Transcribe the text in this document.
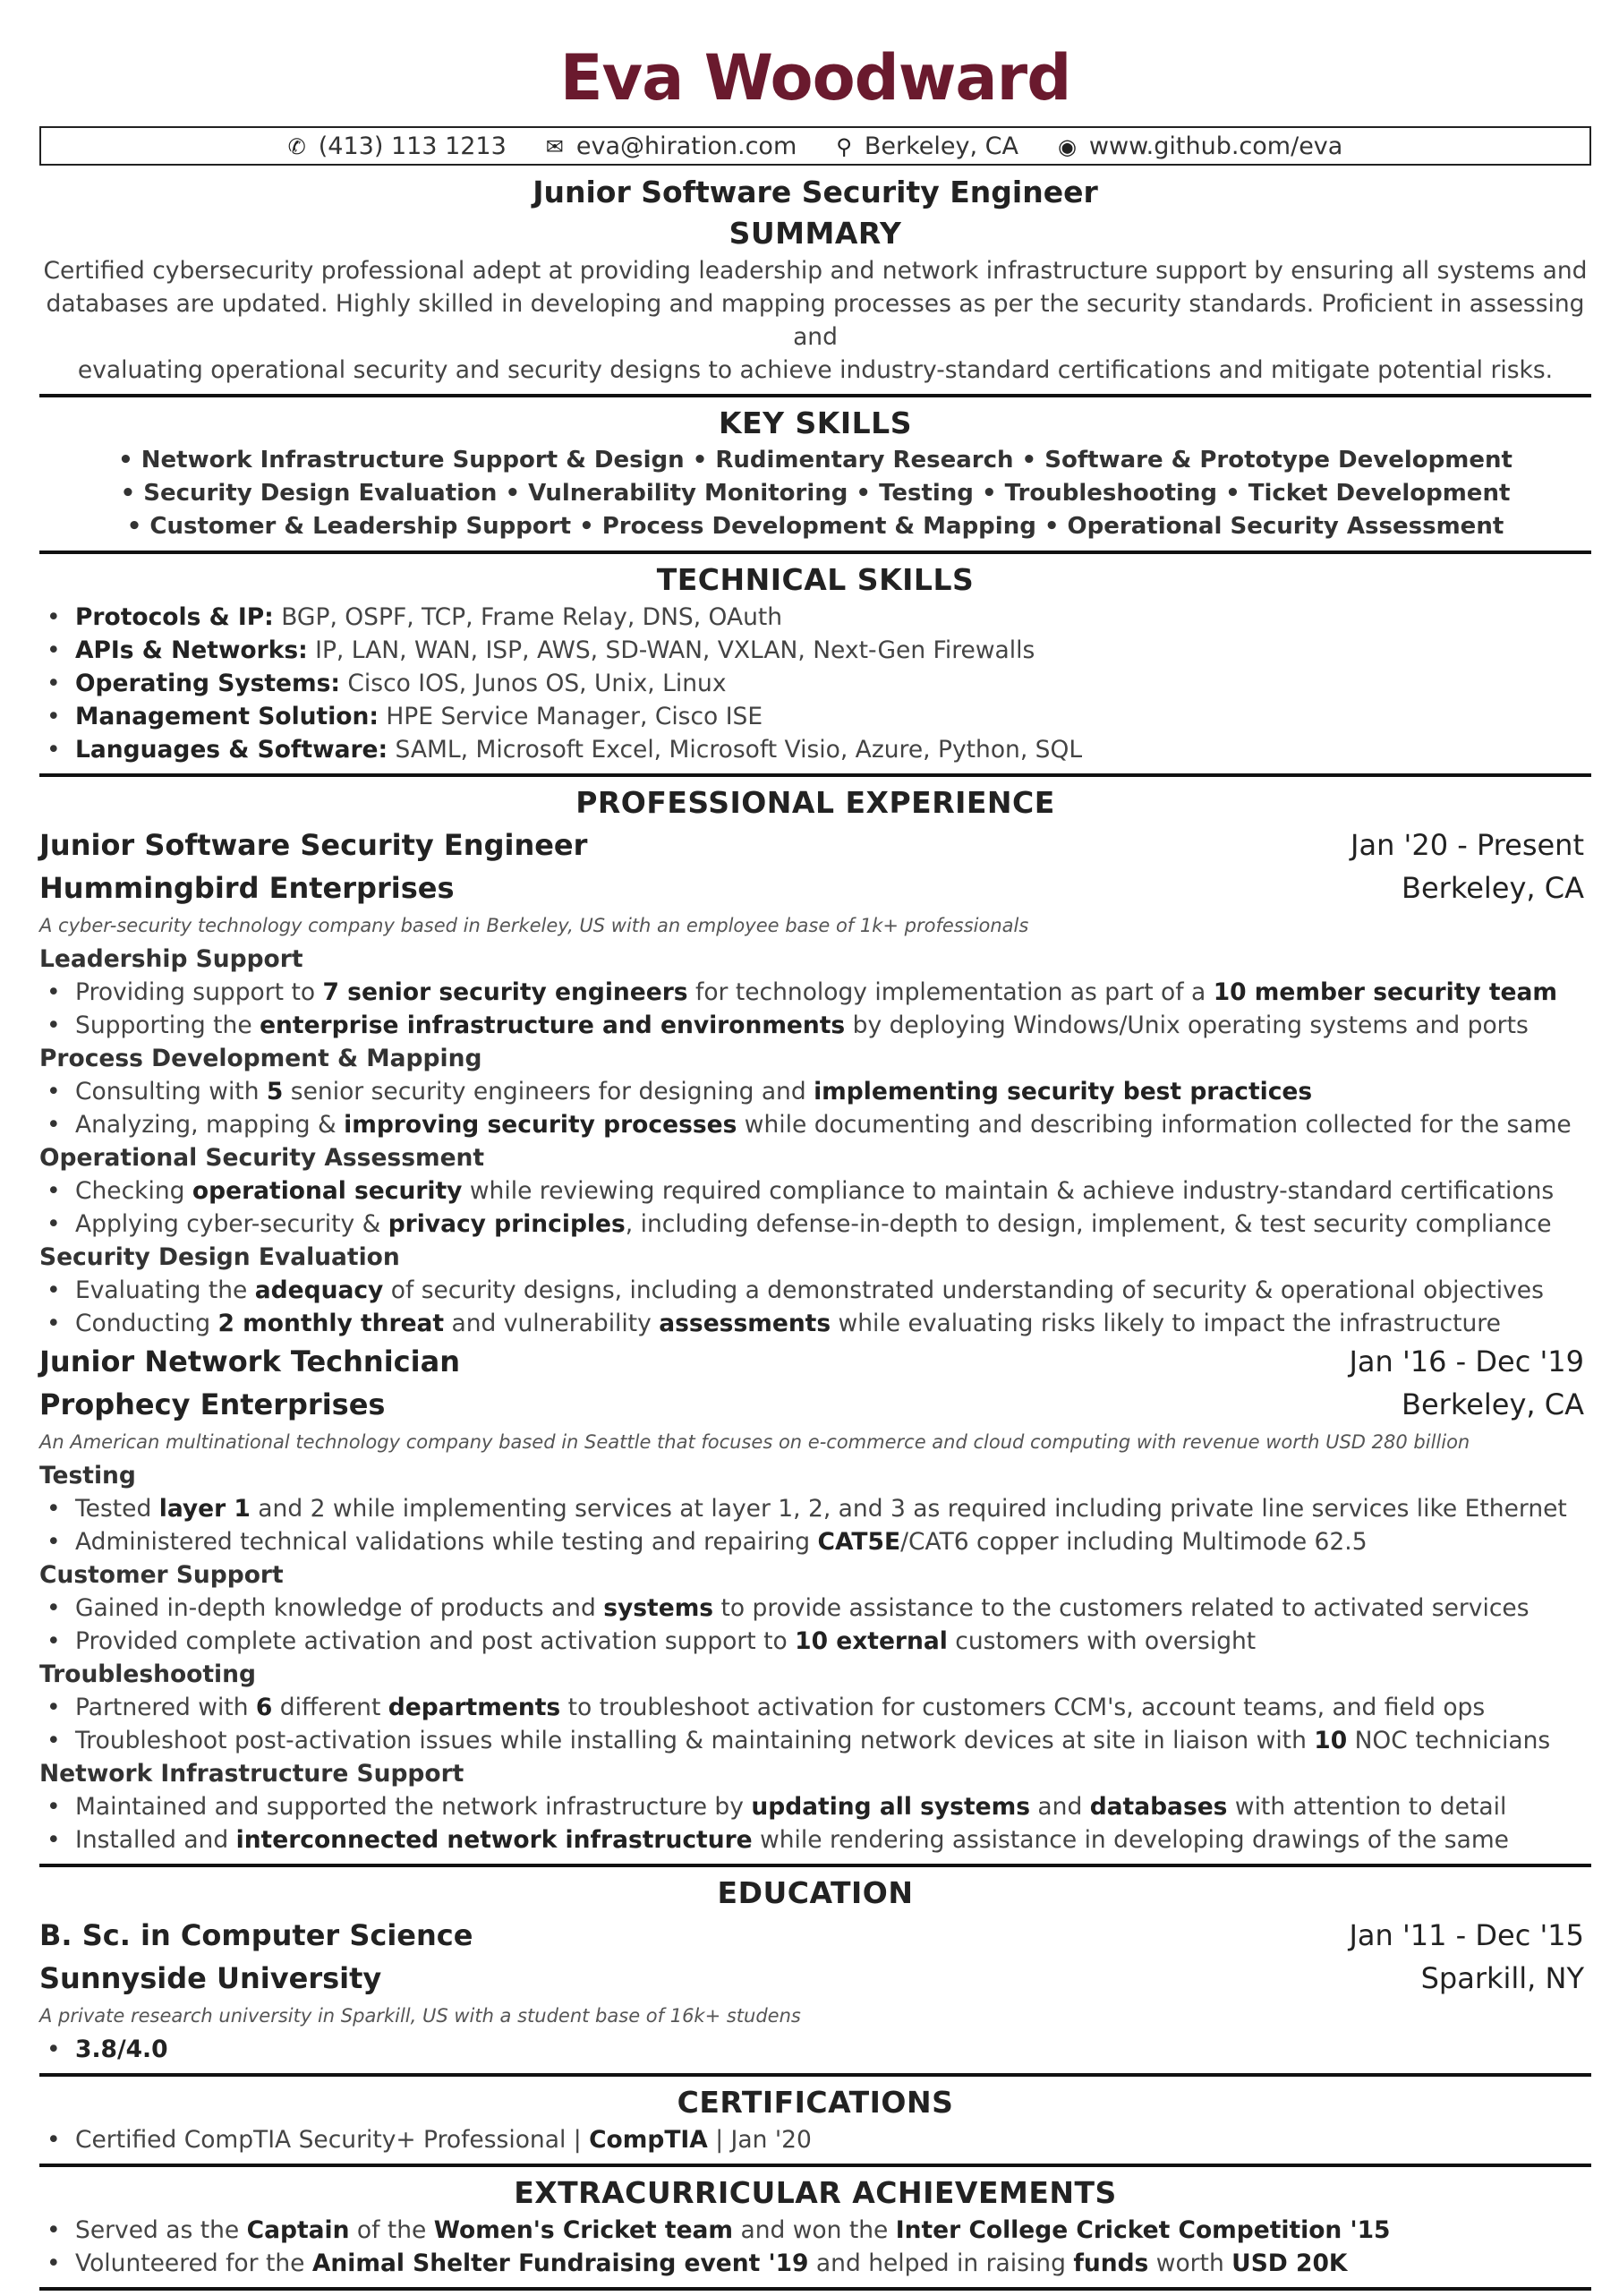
Eva Woodward
✆ (413) 113 1213 ✉ eva@hiration.com ⚲ Berkeley, CA ◉ www.github.com/eva
Junior Software Security Engineer
SUMMARY
Certified cybersecurity professional adept at providing leadership and network infrastructure support by ensuring all systems and
databases are updated. Highly skilled in developing and mapping processes as per the security standards. Proficient in assessing and
evaluating operational security and security designs to achieve industry-standard certifications and mitigate potential risks.
KEY SKILLS
• Network Infrastructure Support & Design • Rudimentary Research • Software & Prototype Development
• Security Design Evaluation • Vulnerability Monitoring • Testing • Troubleshooting • Ticket Development
• Customer & Leadership Support • Process Development & Mapping • Operational Security Assessment
TECHNICAL SKILLS
• Protocols & IP: BGP, OSPF, TCP, Frame Relay, DNS, OAuth
• APIs & Networks: IP, LAN, WAN, ISP, AWS, SD-WAN, VXLAN, Next-Gen Firewalls
• Operating Systems: Cisco IOS, Junos OS, Unix, Linux
• Management Solution: HPE Service Manager, Cisco ISE
• Languages & Software: SAML, Microsoft Excel, Microsoft Visio, Azure, Python, SQL
PROFESSIONAL EXPERIENCE
Junior Software Security Engineer	Jan '20 - Present
Hummingbird Enterprises	Berkeley, CA
A cyber-security technology company based in Berkeley, US with an employee base of 1k+ professionals
Leadership Support
• Providing support to 7 senior security engineers for technology implementation as part of a 10 member security team
• Supporting the enterprise infrastructure and environments by deploying Windows/Unix operating systems and ports
Process Development & Mapping
• Consulting with 5 senior security engineers for designing and implementing security best practices
• Analyzing, mapping & improving security processes while documenting and describing information collected for the same
Operational Security Assessment
• Checking operational security while reviewing required compliance to maintain & achieve industry-standard certifications
• Applying cyber-security & privacy principles, including defense-in-depth to design, implement, & test security compliance
Security Design Evaluation
• Evaluating the adequacy of security designs, including a demonstrated understanding of security & operational objectives
• Conducting 2 monthly threat and vulnerability assessments while evaluating risks likely to impact the infrastructure
Junior Network Technician	Jan '16 - Dec '19
Prophecy Enterprises	Berkeley, CA
An American multinational technology company based in Seattle that focuses on e-commerce and cloud computing with revenue worth USD 280 billion
Testing
• Tested layer 1 and 2 while implementing services at layer 1, 2, and 3 as required including private line services like Ethernet
• Administered technical validations while testing and repairing CAT5E/CAT6 copper including Multimode 62.5
Customer Support
• Gained in-depth knowledge of products and systems to provide assistance to the customers related to activated services
• Provided complete activation and post activation support to 10 external customers with oversight
Troubleshooting
• Partnered with 6 different departments to troubleshoot activation for customers CCM's, account teams, and field ops
• Troubleshoot post-activation issues while installing & maintaining network devices at site in liaison with 10 NOC technicians
Network Infrastructure Support
• Maintained and supported the network infrastructure by updating all systems and databases with attention to detail
• Installed and interconnected network infrastructure while rendering assistance in developing drawings of the same
EDUCATION
B. Sc. in Computer Science	Jan '11 - Dec '15
Sunnyside University	Sparkill, NY
A private research university in Sparkill, US with a student base of 16k+ studens
• 3.8/4.0
CERTIFICATIONS
• Certified CompTIA Security+ Professional | CompTIA | Jan '20
EXTRACURRICULAR ACHIEVEMENTS
• Served as the Captain of the Women's Cricket team and won the Inter College Cricket Competition '15
• Volunteered for the Animal Shelter Fundraising event '19 and helped in raising funds worth USD 20K
